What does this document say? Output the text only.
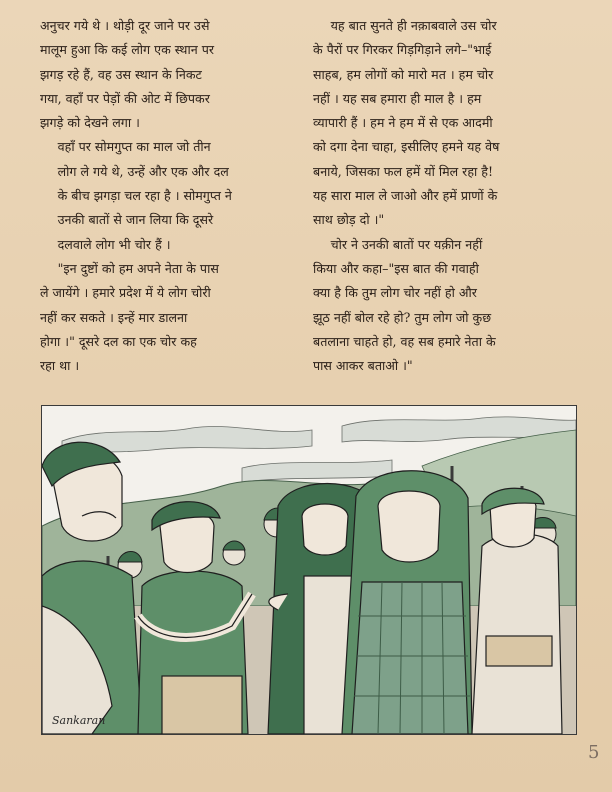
अनुचर गये थे । थोड़ी दूर जाने पर उसे
मालूम हुआ कि कई लोग एक स्थान पर
झगड़ रहे हैं, वह उस स्थान के निकट
गया, वहाँ पर पेड़ों की ओट में छिपकर
झगड़े को देखने लगा ।

वहाँ पर सोमगुप्त का माल जो तीन
लोग ले गये थे, उन्हें और एक और दल
के बीच झगड़ा चल रहा है । सोमगुप्त ने
उनकी बातों से जान लिया कि दूसरे
दलवाले लोग भी चोर हैं ।

"इन दुष्टों को हम अपने नेता के पास
ले जायेंगे । हमारे प्रदेश में ये लोग चोरी
नहीं कर सकते । इन्हें मार डालना
होगा ।" दूसरे दल का एक चोर कह
रहा था ।

यह बात सुनते ही नक़ाबवाले उस चोर
के पैरों पर गिरकर गिड़गिड़ाने लगे–"भाई
साहब, हम लोगों को मारो मत । हम चोर
नहीं । यह सब हमारा ही माल है । हम
व्यापारी हैं । हम ने हम में से एक आदमी
को दगा देना चाहा, इसीलिए हमने यह वेष
बनाये, जिसका फल हमें यों मिल रहा है!
यह सारा माल ले जाओ और हमें प्राणों के
साथ छोड़ दो ।"

चोर ने उनकी बातों पर यक़ीन नहीं
किया और कहा–"इस बात की गवाही
क्या है कि तुम लोग चोर नहीं हो और
झूठ नहीं बोल रहे हो? तुम लोग जो कुछ
बतलाना चाहते हो, वह सब हमारे नेता के
पास आकर बताओ ।"

Sankaran
5
